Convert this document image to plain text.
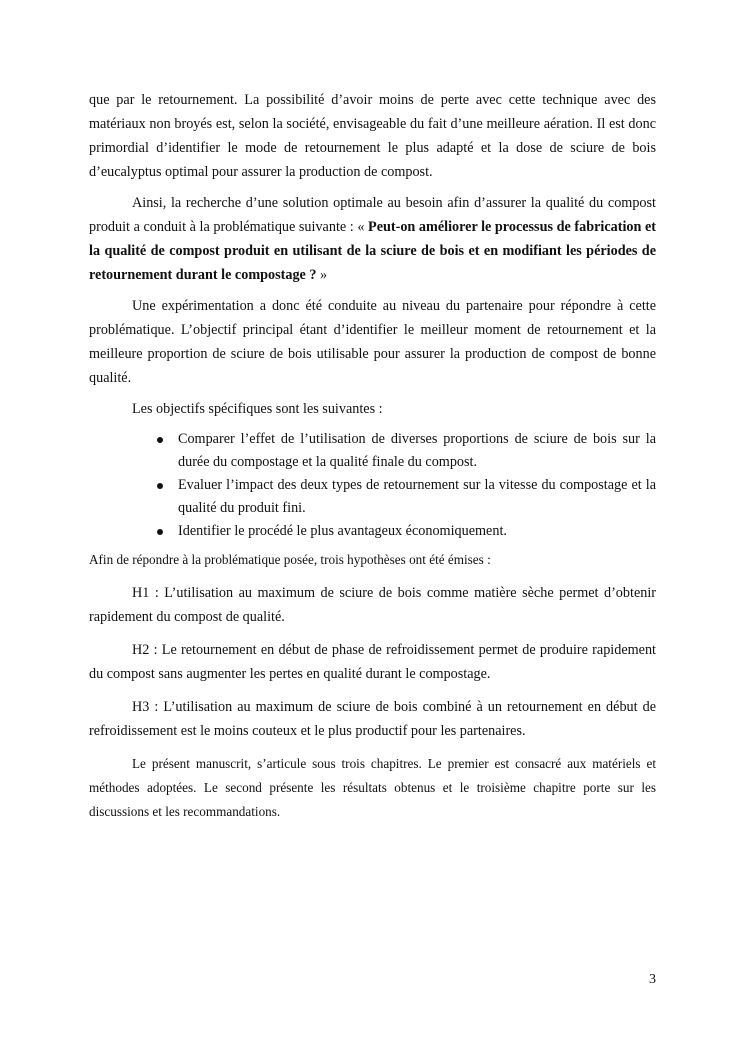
que par le retournement. La possibilité d’avoir moins de perte avec cette technique avec des matériaux non broyés est, selon la société, envisageable du fait d’une meilleure aération. Il est donc primordial d’identifier le mode de retournement le plus adapté et la dose de sciure de bois d’eucalyptus optimal pour assurer la production de compost.

Ainsi, la recherche d’une solution optimale au besoin afin d’assurer la qualité du compost produit a conduit à la problématique suivante : « Peut-on améliorer le processus de fabrication et la qualité de compost produit en utilisant de la sciure de bois et en modifiant les périodes de retournement durant le compostage ? »

Une expérimentation a donc été conduite au niveau du partenaire pour répondre à cette problématique. L’objectif principal étant d’identifier le meilleur moment de retournement et la meilleure proportion de sciure de bois utilisable pour assurer la production de compost de bonne qualité.

Les objectifs spécifiques sont les suivantes :

Comparer l’effet de l’utilisation de diverses proportions de sciure de bois sur la durée du compostage et la qualité finale du compost.
Evaluer l’impact des deux types de retournement sur la vitesse du compostage et la qualité du produit fini.
Identifier le procédé le plus avantageux économiquement.

Afin de répondre à la problématique posée, trois hypothèses ont été émises :

H1 : L’utilisation au maximum de sciure de bois comme matière sèche permet d’obtenir rapidement du compost de qualité.

H2 : Le retournement en début de phase de refroidissement permet de produire rapidement du compost sans augmenter les pertes en qualité durant le compostage.

H3 : L’utilisation au maximum de sciure de bois combiné à un retournement en début de refroidissement est le moins couteux et le plus productif pour les partenaires.

Le présent manuscrit, s’articule sous trois chapitres. Le premier est consacré aux matériels et méthodes adoptées. Le second présente les résultats obtenus et le troisième chapitre porte sur les discussions et les recommandations.

3
